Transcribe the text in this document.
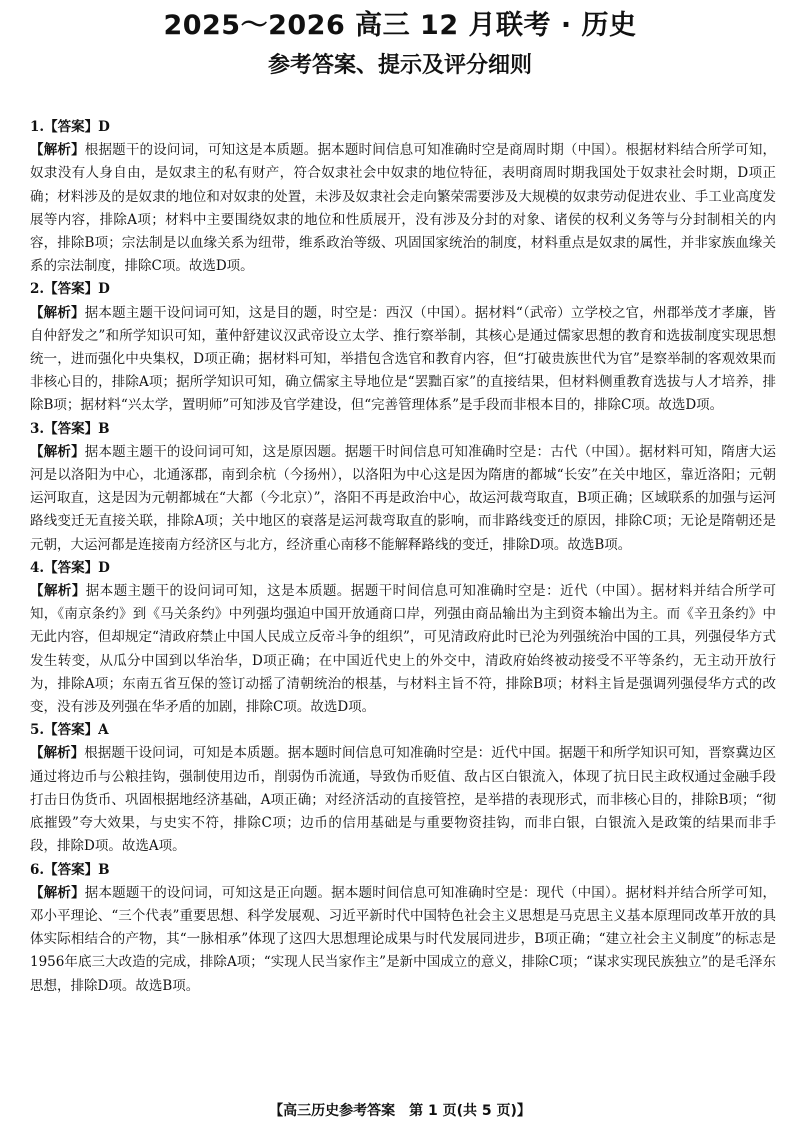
2025～2026 高三 12 月联考 · 历史
参考答案、提示及评分细则
1.【答案】D
【解析】根据题干的设问词，可知这是本质题。据本题时间信息可知准确时空是商周时期（中国）。根据材料结合所学可知，奴隶没有人身自由，是奴隶主的私有财产，符合奴隶社会中奴隶的地位特征，表明商周时期我国处于奴隶社会时期，D项正确；材料涉及的是奴隶的地位和对奴隶的处置，未涉及奴隶社会走向繁荣需要涉及大规模的奴隶劳动促进农业、手工业高度发展等内容，排除A项；材料中主要围绕奴隶的地位和性质展开，没有涉及分封的对象、诸侯的权利义务等与分封制相关的内容，排除B项；宗法制是以血缘关系为纽带，维系政治等级、巩固国家统治的制度，材料重点是奴隶的属性，并非家族血缘关系的宗法制度，排除C项。故选D项。
2.【答案】D
【解析】据本题主题干设问词可知，这是目的题，时空是：西汉（中国）。据材料“（武帝）立学校之官，州郡举茂才孝廉，皆自仲舒发之”和所学知识可知，董仲舒建议汉武帝设立太学、推行察举制，其核心是通过儒家思想的教育和选拔制度实现思想统一，进而强化中央集权，D项正确；据材料可知，举措包含选官和教育内容，但“打破贵族世代为官”是察举制的客观效果而非核心目的，排除A项；据所学知识可知，确立儒家主导地位是“罢黜百家”的直接结果，但材料侧重教育选拔与人才培养，排除B项；据材料“兴太学，置明师”可知涉及官学建设，但“完善管理体系”是手段而非根本目的，排除C项。故选D项。
3.【答案】B
【解析】据本题主题干的设问词可知，这是原因题。据题干时间信息可知准确时空是：古代（中国）。据材料可知，隋唐大运河是以洛阳为中心，北通涿郡，南到余杭（今扬州），以洛阳为中心这是因为隋唐的都城“长安”在关中地区，靠近洛阳；元朝运河取直，这是因为元朝都城在“大都（今北京）”，洛阳不再是政治中心，故运河裁弯取直，B项正确；区域联系的加强与运河路线变迁无直接关联，排除A项；关中地区的衰落是运河裁弯取直的影响，而非路线变迁的原因，排除C项；无论是隋朝还是元朝，大运河都是连接南方经济区与北方，经济重心南移不能解释路线的变迁，排除D项。故选B项。
4.【答案】D
【解析】据本题主题干的设问词可知，这是本质题。据题干时间信息可知准确时空是：近代（中国）。据材料并结合所学可知，《南京条约》到《马关条约》中列强均强迫中国开放通商口岸，列强由商品输出为主到资本输出为主。而《辛丑条约》中无此内容，但却规定“清政府禁止中国人民成立反帝斗争的组织”，可见清政府此时已沦为列强统治中国的工具，列强侵华方式发生转变，从瓜分中国到以华治华，D项正确；在中国近代史上的外交中，清政府始终被动接受不平等条约，无主动开放行为，排除A项；东南五省互保的签订动摇了清朝统治的根基，与材料主旨不符，排除B项；材料主旨是强调列强侵华方式的改变，没有涉及列强在华矛盾的加剧，排除C项。故选D项。
5.【答案】A
【解析】根据题干设问词，可知是本质题。据本题时间信息可知准确时空是：近代中国。据题干和所学知识可知，晋察冀边区通过将边币与公粮挂钩，强制使用边币，削弱伪币流通，导致伪币贬值、敌占区白银流入，体现了抗日民主政权通过金融手段打击日伪货币、巩固根据地经济基础，A项正确；对经济活动的直接管控，是举措的表现形式，而非核心目的，排除B项；“彻底摧毁”夸大效果，与史实不符，排除C项；边币的信用基础是与重要物资挂钩，而非白银，白银流入是政策的结果而非手段，排除D项。故选A项。
6.【答案】B
【解析】据本题题干的设问词，可知这是正向题。据本题时间信息可知准确时空是：现代（中国）。据材料并结合所学可知，邓小平理论、“三个代表”重要思想、科学发展观、习近平新时代中国特色社会主义思想是马克思主义基本原理同改革开放的具体实际相结合的产物，其“一脉相承”体现了这四大思想理论成果与时代发展同进步，B项正确；“建立社会主义制度”的标志是1956年底三大改造的完成，排除A项；“实现人民当家作主”是新中国成立的意义，排除C项；“谋求实现民族独立”的是毛泽东思想，排除D项。故选B项。
【高三历史参考答案　第 1 页(共 5 页)】
